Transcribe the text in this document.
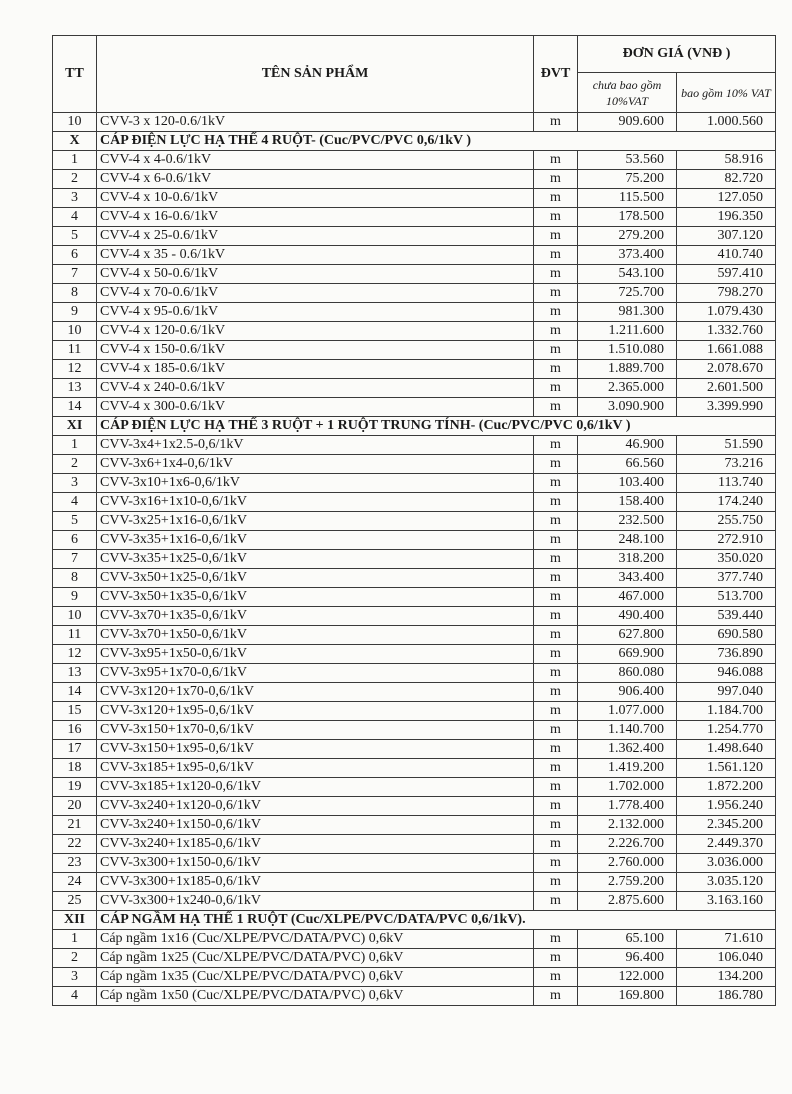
TT	TÊN SẢN PHẨM	ĐVT	ĐƠN GIÁ (VNĐ )	
			chưa bao gồm 10%VAT	bao gồm 10% VAT
10	CVV-3 x 120-0.6/1kV	m	909.600	1.000.560
X	CÁP ĐIỆN LỰC HẠ THẾ 4 RUỘT- (Cuc/PVC/PVC 0,6/1kV )			
1	CVV-4 x 4-0.6/1kV	m	53.560	58.916
2	CVV-4 x 6-0.6/1kV	m	75.200	82.720
3	CVV-4 x 10-0.6/1kV	m	115.500	127.050
4	CVV-4 x 16-0.6/1kV	m	178.500	196.350
5	CVV-4 x 25-0.6/1kV	m	279.200	307.120
6	CVV-4 x 35 - 0.6/1kV	m	373.400	410.740
7	CVV-4 x 50-0.6/1kV	m	543.100	597.410
8	CVV-4 x 70-0.6/1kV	m	725.700	798.270
9	CVV-4 x 95-0.6/1kV	m	981.300	1.079.430
10	CVV-4 x 120-0.6/1kV	m	1.211.600	1.332.760
11	CVV-4 x 150-0.6/1kV	m	1.510.080	1.661.088
12	CVV-4 x 185-0.6/1kV	m	1.889.700	2.078.670
13	CVV-4 x 240-0.6/1kV	m	2.365.000	2.601.500
14	CVV-4 x 300-0.6/1kV	m	3.090.900	3.399.990
XI	CÁP ĐIỆN LỰC HẠ THẾ 3 RUỘT + 1 RUỘT TRUNG TÍNH- (Cuc/PVC/PVC 0,6/1kV )			
1	CVV-3x4+1x2.5-0,6/1kV	m	46.900	51.590
2	CVV-3x6+1x4-0,6/1kV	m	66.560	73.216
3	CVV-3x10+1x6-0,6/1kV	m	103.400	113.740
4	CVV-3x16+1x10-0,6/1kV	m	158.400	174.240
5	CVV-3x25+1x16-0,6/1kV	m	232.500	255.750
6	CVV-3x35+1x16-0,6/1kV	m	248.100	272.910
7	CVV-3x35+1x25-0,6/1kV	m	318.200	350.020
8	CVV-3x50+1x25-0,6/1kV	m	343.400	377.740
9	CVV-3x50+1x35-0,6/1kV	m	467.000	513.700
10	CVV-3x70+1x35-0,6/1kV	m	490.400	539.440
11	CVV-3x70+1x50-0,6/1kV	m	627.800	690.580
12	CVV-3x95+1x50-0,6/1kV	m	669.900	736.890
13	CVV-3x95+1x70-0,6/1kV	m	860.080	946.088
14	CVV-3x120+1x70-0,6/1kV	m	906.400	997.040
15	CVV-3x120+1x95-0,6/1kV	m	1.077.000	1.184.700
16	CVV-3x150+1x70-0,6/1kV	m	1.140.700	1.254.770
17	CVV-3x150+1x95-0,6/1kV	m	1.362.400	1.498.640
18	CVV-3x185+1x95-0,6/1kV	m	1.419.200	1.561.120
19	CVV-3x185+1x120-0,6/1kV	m	1.702.000	1.872.200
20	CVV-3x240+1x120-0,6/1kV	m	1.778.400	1.956.240
21	CVV-3x240+1x150-0,6/1kV	m	2.132.000	2.345.200
22	CVV-3x240+1x185-0,6/1kV	m	2.226.700	2.449.370
23	CVV-3x300+1x150-0,6/1kV	m	2.760.000	3.036.000
24	CVV-3x300+1x185-0,6/1kV	m	2.759.200	3.035.120
25	CVV-3x300+1x240-0,6/1kV	m	2.875.600	3.163.160
XII	CÁP NGẦM HẠ THẾ 1 RUỘT (Cuc/XLPE/PVC/DATA/PVC 0,6/1kV).			
1	Cáp ngầm 1x16 (Cuc/XLPE/PVC/DATA/PVC) 0,6kV	m	65.100	71.610
2	Cáp ngầm 1x25 (Cuc/XLPE/PVC/DATA/PVC) 0,6kV	m	96.400	106.040
3	Cáp ngầm 1x35 (Cuc/XLPE/PVC/DATA/PVC) 0,6kV	m	122.000	134.200
4	Cáp ngầm 1x50 (Cuc/XLPE/PVC/DATA/PVC) 0,6kV	m	169.800	186.780
